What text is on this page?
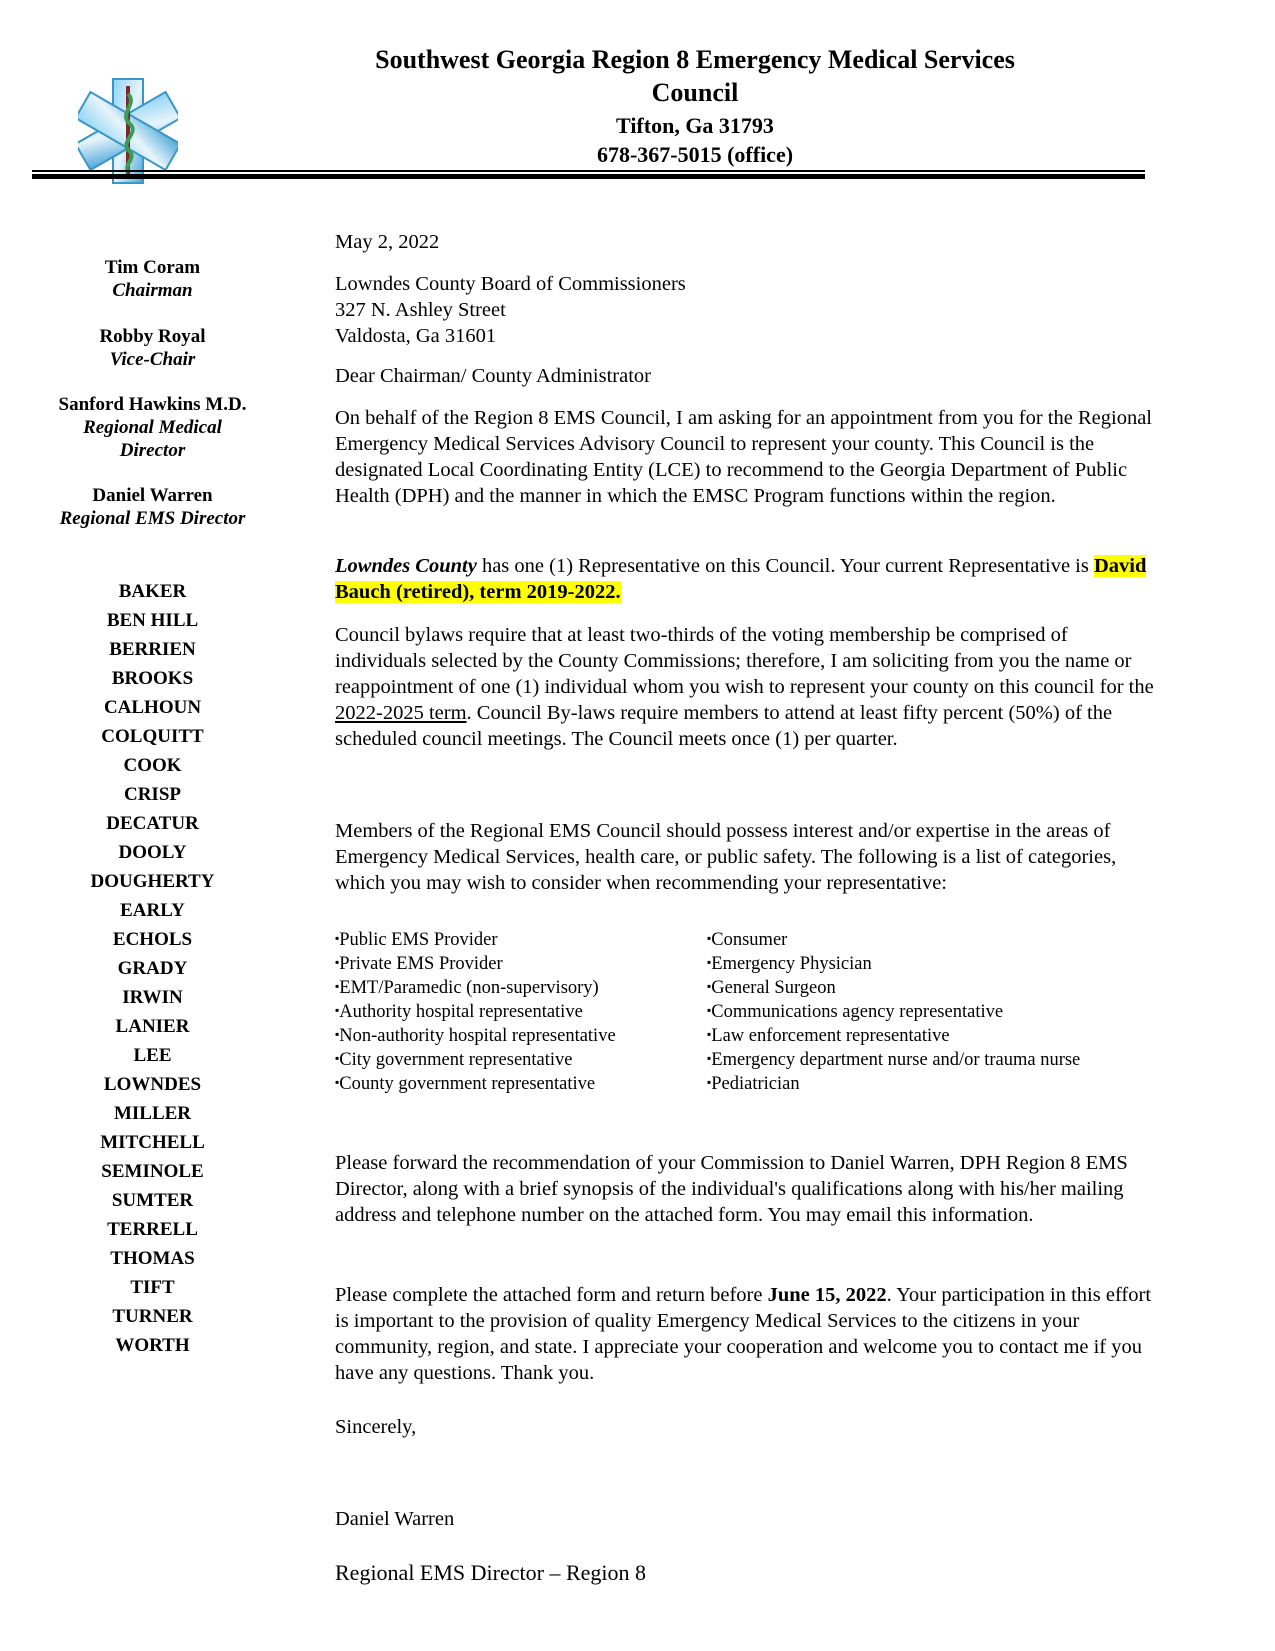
Southwest Georgia Region 8 Emergency Medical Services
Council
Tifton, Ga 31793
678-367-5015 (office)
Tim Coram
Chairman
Robby Royal
Vice-Chair
Sanford Hawkins M.D.
Regional Medical
Director
Daniel Warren
Regional EMS Director
BAKER
BEN HILL
BERRIEN
BROOKS
CALHOUN
COLQUITT
COOK
CRISP
DECATUR
DOOLY
DOUGHERTY
EARLY
ECHOLS
GRADY
IRWIN
LANIER
LEE
LOWNDES
MILLER
MITCHELL
SEMINOLE
SUMTER
TERRELL
THOMAS
TIFT
TURNER
WORTH
May 2, 2022
Lowndes County Board of Commissioners
327 N. Ashley Street
Valdosta, Ga 31601
Dear Chairman/ County Administrator

On behalf of the Region 8 EMS Council, I am asking for an appointment from you for the Regional Emergency Medical Services Advisory Council to represent your county. This Council is the designated Local Coordinating Entity (LCE) to recommend to the Georgia Department of Public Health (DPH) and the manner in which the EMSC Program functions within the region.

Lowndes County has one (1) Representative on this Council. Your current Representative is David Bauch (retired), term 2019-2022.

Council bylaws require that at least two-thirds of the voting membership be comprised of individuals selected by the County Commissions; therefore, I am soliciting from you the name or reappointment of one (1) individual whom you wish to represent your county on this council for the 2022-2025 term. Council By-laws require members to attend at least fifty percent (50%) of the scheduled council meetings. The Council meets once (1) per quarter.

Members of the Regional EMS Council should possess interest and/or expertise in the areas of Emergency Medical Services, health care, or public safety. The following is a list of categories, which you may wish to consider when recommending your representative:

▪Public EMS Provider
▪Private EMS Provider
▪EMT/Paramedic (non-supervisory)
▪Authority hospital representative
▪Non-authority hospital representative
▪City government representative
▪County government representative
▪Consumer
▪Emergency Physician
▪General Surgeon
▪Communications agency representative
▪Law enforcement representative
▪Emergency department nurse and/or trauma nurse
▪Pediatrician

Please forward the recommendation of your Commission to Daniel Warren, DPH Region 8 EMS Director, along with a brief synopsis of the individual's qualifications along with his/her mailing address and telephone number on the attached form. You may email this information.

Please complete the attached form and return before June 15, 2022. Your participation in this effort is important to the provision of quality Emergency Medical Services to the citizens in your community, region, and state. I appreciate your cooperation and welcome you to contact me if you have any questions. Thank you.

Sincerely,
Daniel Warren
Regional EMS Director – Region 8
